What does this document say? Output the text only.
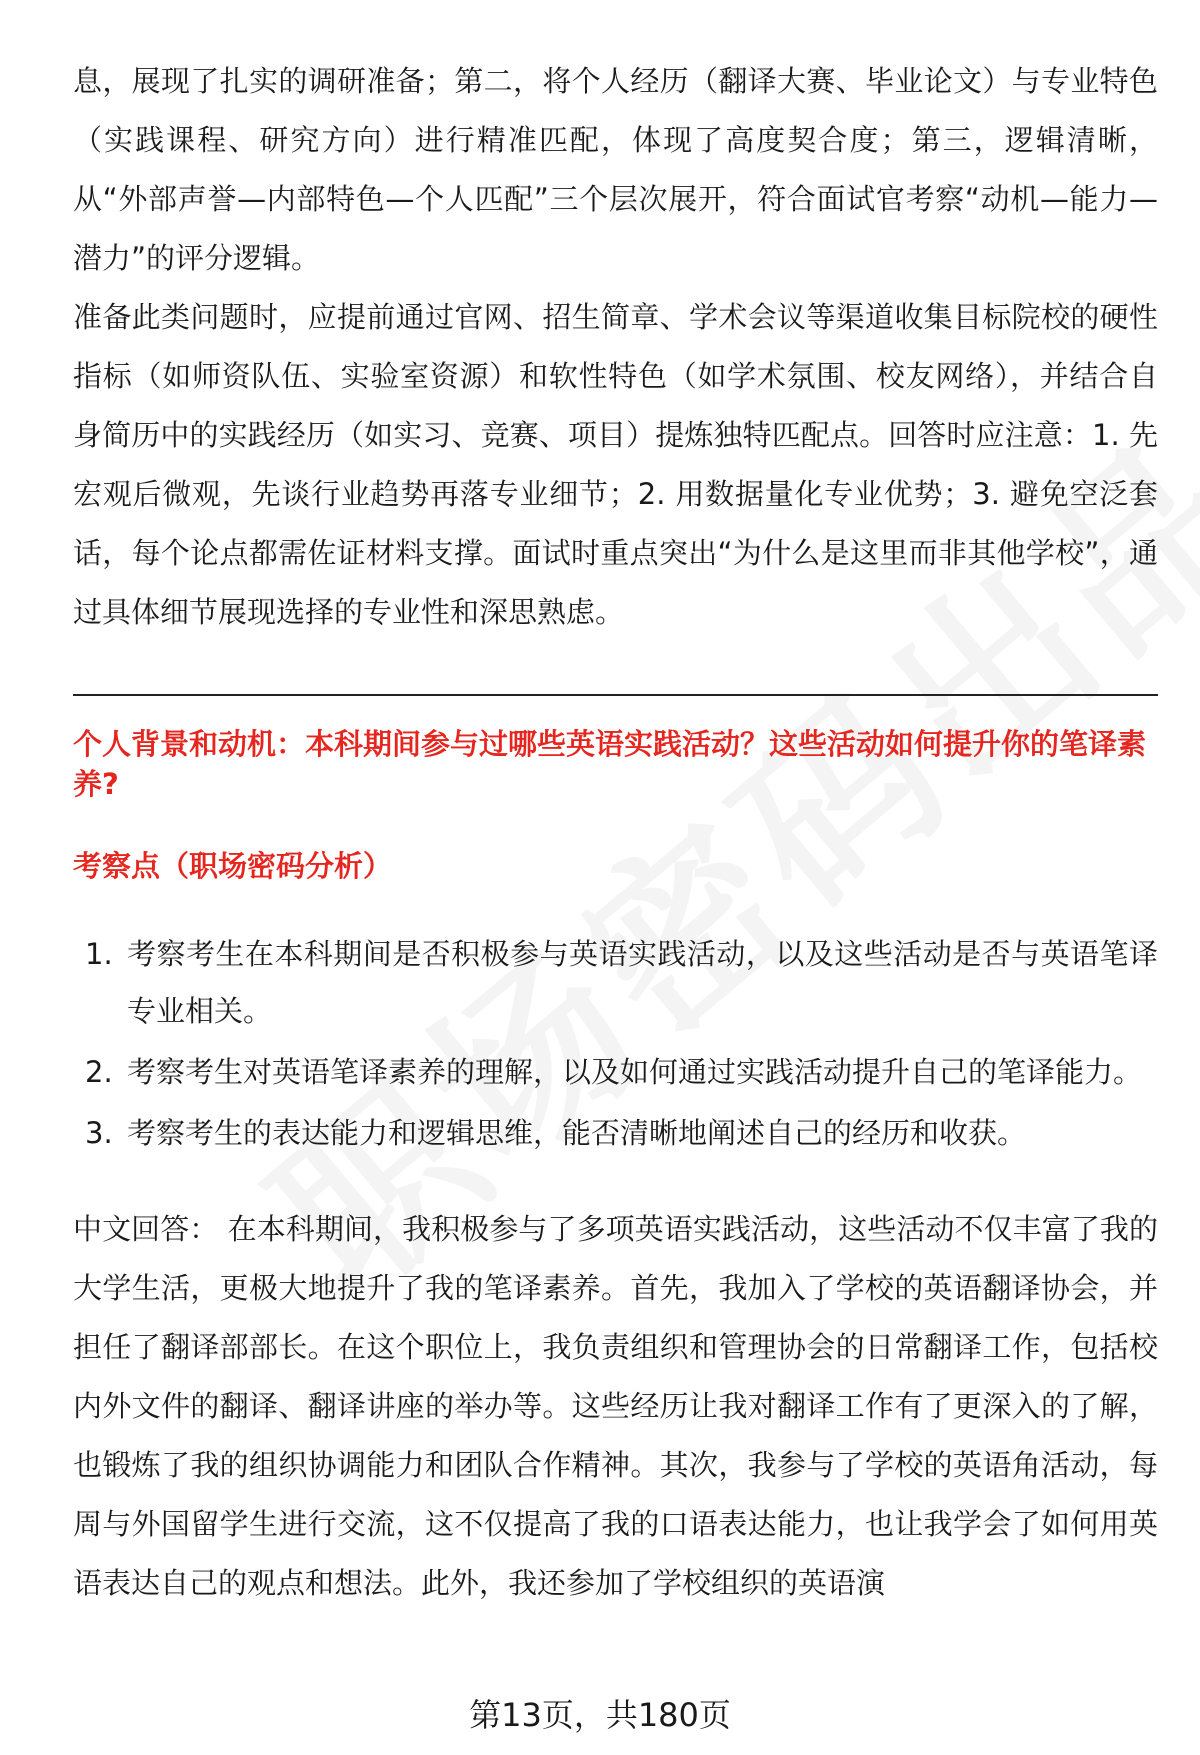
息，展现了扎实的调研准备；第二，将个人经历（翻译大赛、毕业论文）与专业特色（实践课程、研究方向）进行精准匹配，体现了高度契合度；第三，逻辑清晰，从“外部声誉—内部特色—个人匹配”三个层次展开，符合面试官考察“动机—能力—潜力”的评分逻辑。

准备此类问题时，应提前通过官网、招生简章、学术会议等渠道收集目标院校的硬性指标（如师资队伍、实验室资源）和软性特色（如学术氛围、校友网络），并结合自身简历中的实践经历（如实习、竞赛、项目）提炼独特匹配点。回答时应注意：1. 先宏观后微观，先谈行业趋势再落专业细节；2. 用数据量化专业优势；3. 避免空泛套话，每个论点都需佐证材料支撑。面试时重点突出“为什么是这里而非其他学校”，通过具体细节展现选择的专业性和深思熟虑。

个人背景和动机：本科期间参与过哪些英语实践活动？这些活动如何提升你的笔译素养?

考察点（职场密码分析）

1. 考察考生在本科期间是否积极参与英语实践活动，以及这些活动是否与英语笔译专业相关。
2. 考察考生对英语笔译素养的理解，以及如何通过实践活动提升自己的笔译能力。
3. 考察考生的表达能力和逻辑思维，能否清晰地阐述自己的经历和收获。

中文回答： 在本科期间，我积极参与了多项英语实践活动，这些活动不仅丰富了我的大学生活，更极大地提升了我的笔译素养。首先，我加入了学校的英语翻译协会，并担任了翻译部部长。在这个职位上，我负责组织和管理协会的日常翻译工作，包括校内外文件的翻译、翻译讲座的举办等。这些经历让我对翻译工作有了更深入的了解，也锻炼了我的组织协调能力和团队合作精神。其次，我参与了学校的英语角活动，每周与外国留学生进行交流，这不仅提高了我的口语表达能力，也让我学会了如何用英语表达自己的观点和想法。此外，我还参加了学校组织的英语演

第13页，共180页
